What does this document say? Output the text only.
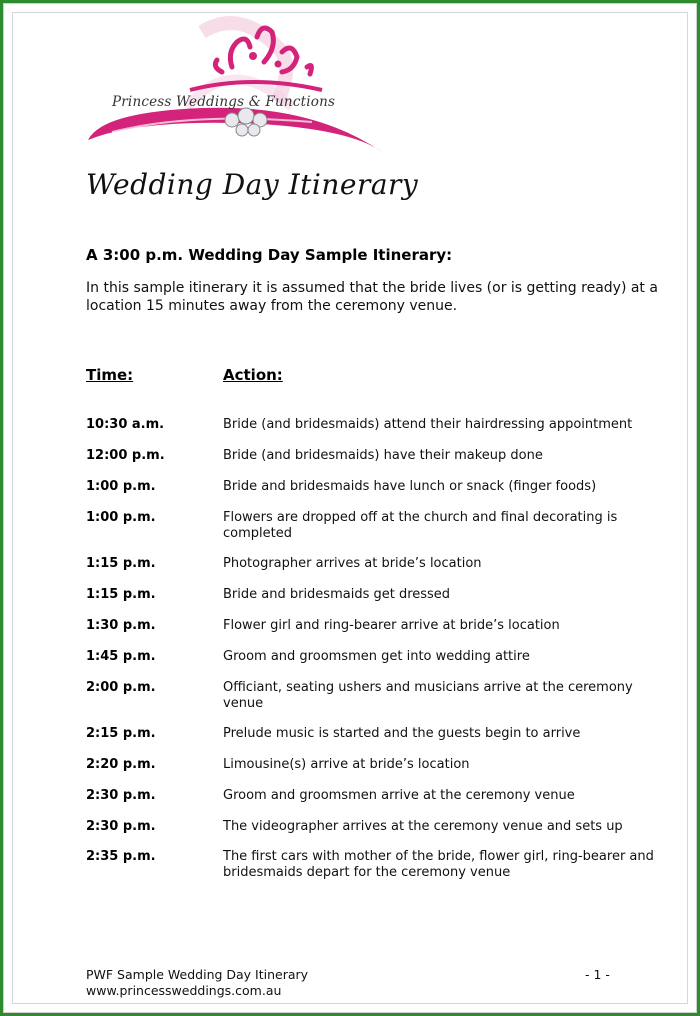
Princess Weddings & Functions
Wedding Day Itinerary
A 3:00 p.m. Wedding Day Sample Itinerary:
In this sample itinerary it is assumed that the bride lives (or is getting ready) at a location 15 minutes away from the ceremony venue.
Time:	Action:
10:30 a.m.	Bride (and bridesmaids) attend their hairdressing appointment
12:00 p.m.	Bride (and bridesmaids) have their makeup done
1:00 p.m.	Bride and bridesmaids have lunch or snack (finger foods)
1:00 p.m.	Flowers are dropped off at the church and final decorating is completed
1:15 p.m.	Photographer arrives at bride’s location
1:15 p.m.	Bride and bridesmaids get dressed
1:30 p.m.	Flower girl and ring-bearer arrive at bride’s location
1:45 p.m.	Groom and groomsmen get into wedding attire
2:00 p.m.	Officiant, seating ushers and musicians arrive at the ceremony venue
2:15 p.m.	Prelude music is started and the guests begin to arrive
2:20 p.m.	Limousine(s) arrive at bride’s location
2:30 p.m.	Groom and groomsmen arrive at the ceremony venue
2:30 p.m.	The videographer arrives at the ceremony venue and sets up
2:35 p.m.	The first cars with mother of the bride, flower girl, ring-bearer and bridesmaids depart for the ceremony venue
PWF Sample Wedding Day Itinerary
www.princessweddings.com.au
- 1 -
